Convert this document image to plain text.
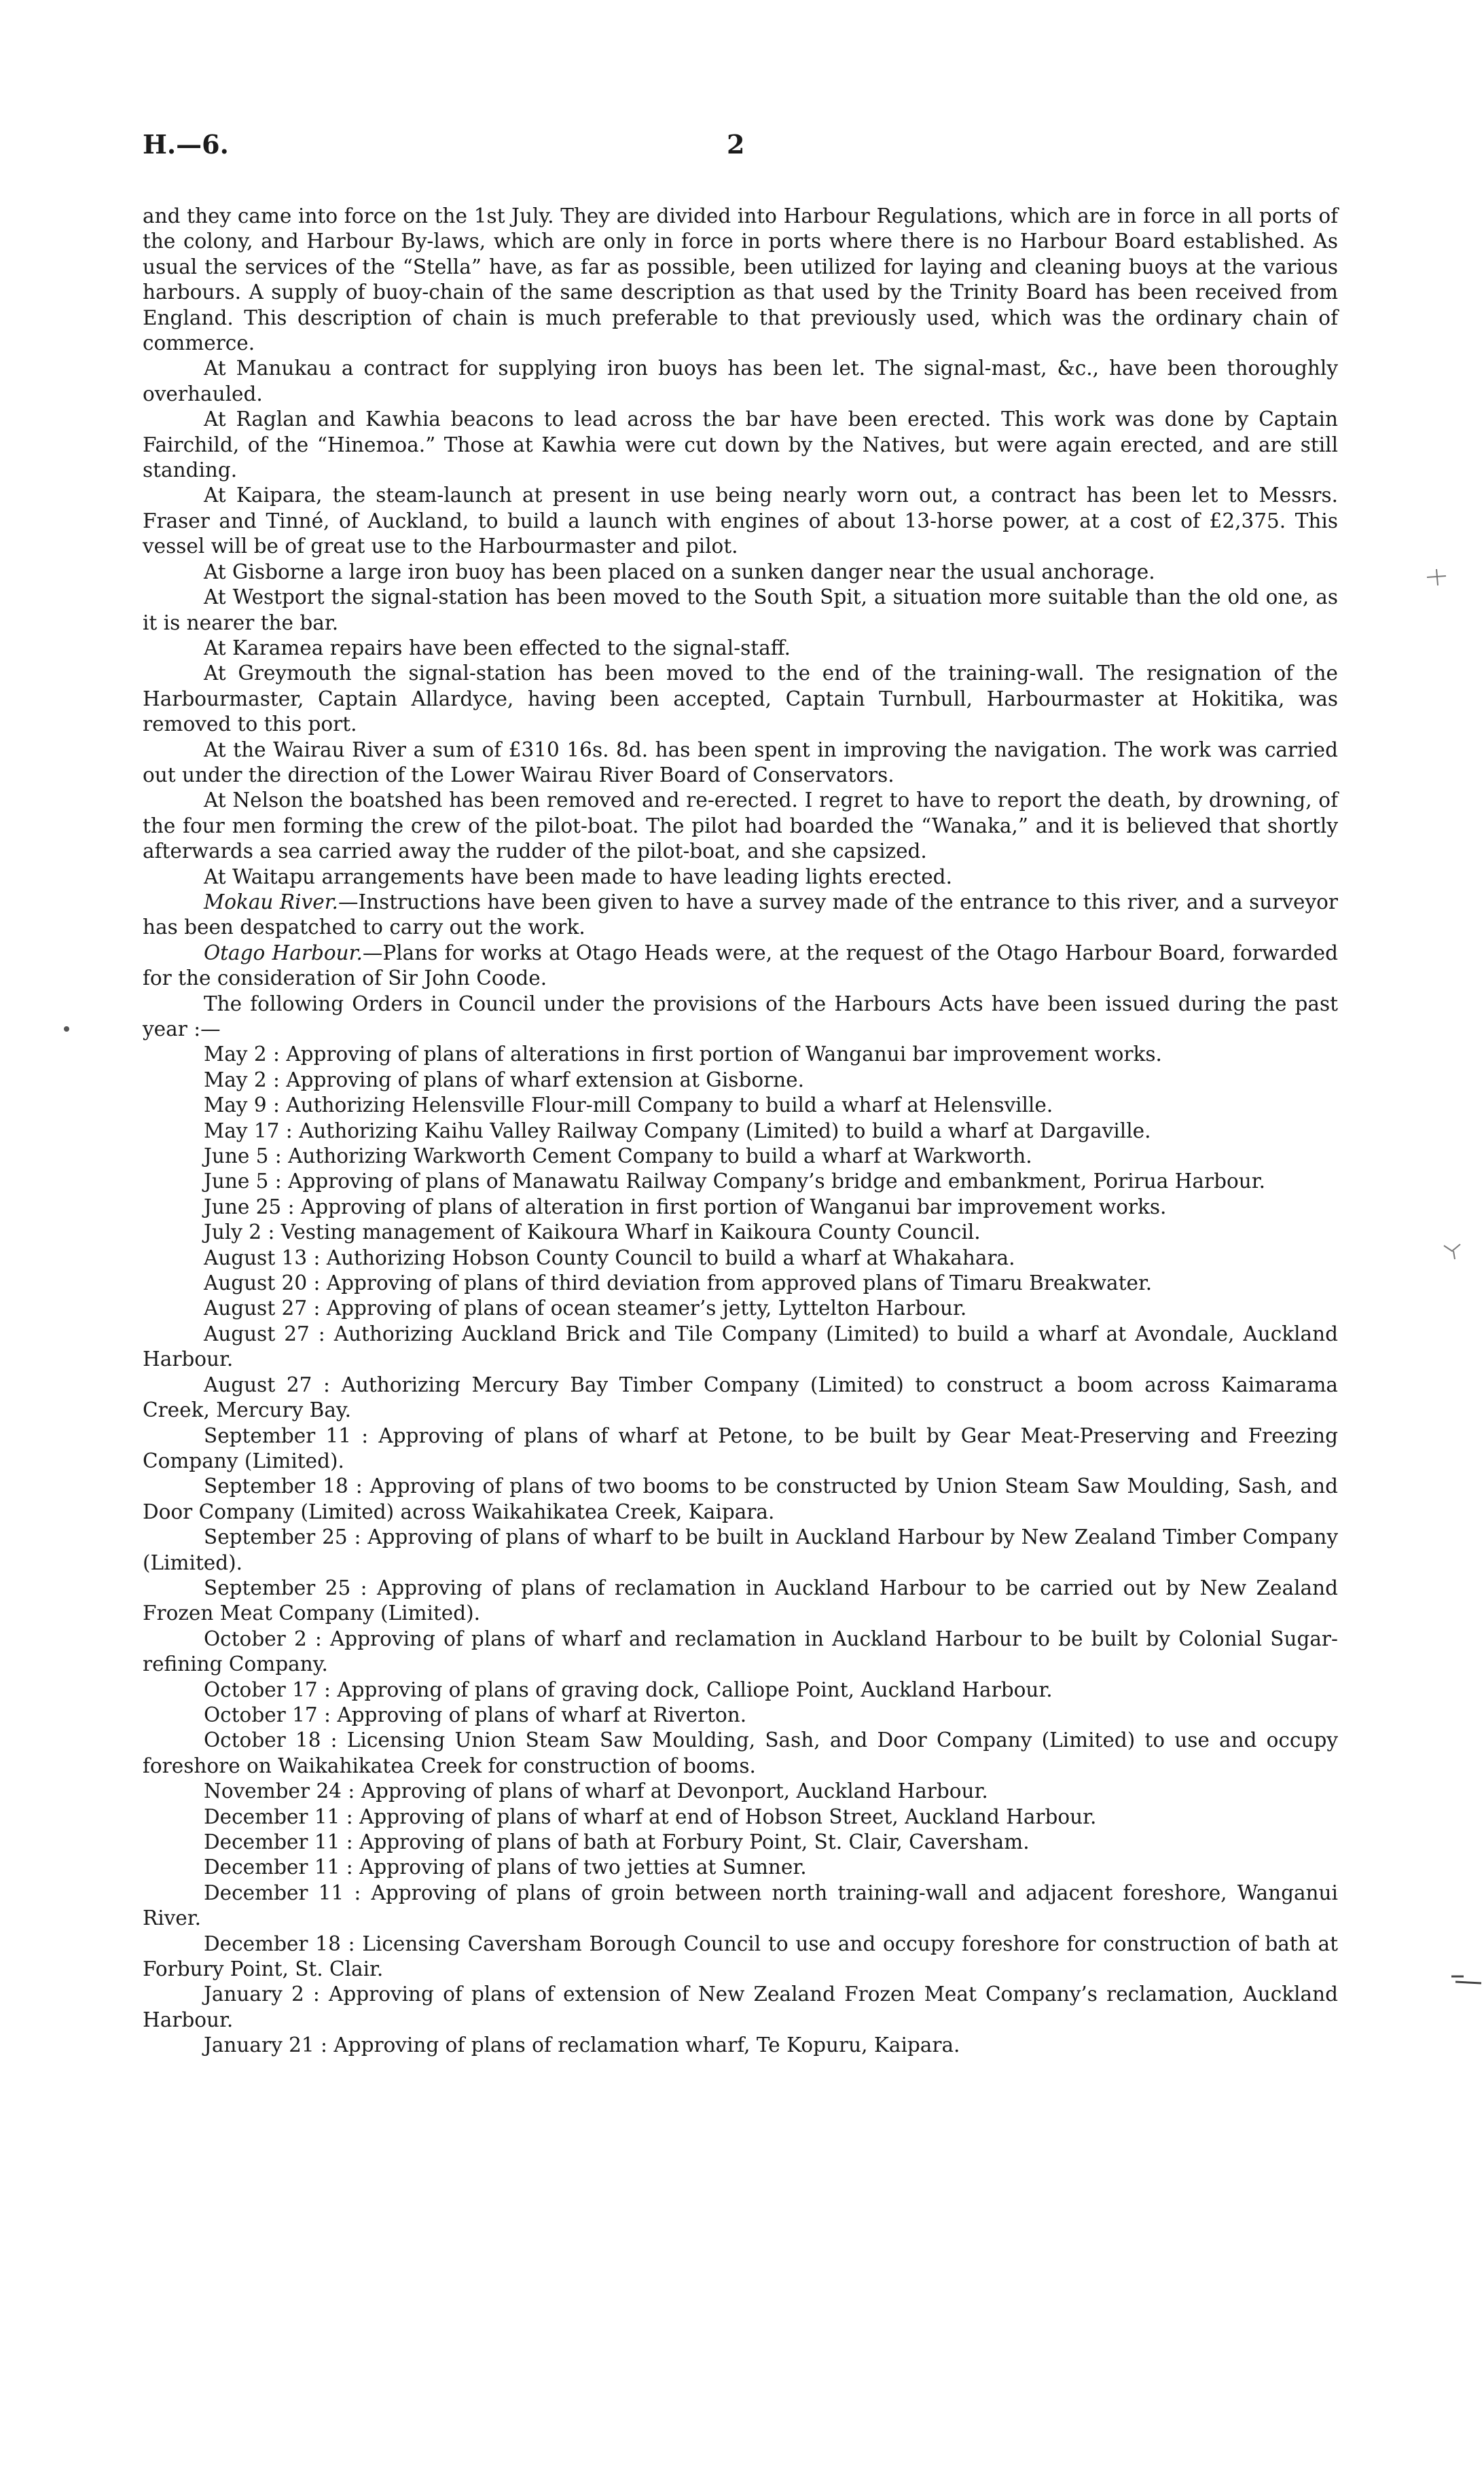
H.—6.	2

and they came into force on the 1st July. They are divided into Harbour Regulations, which are in force in all ports of the colony, and Harbour By-laws, which are only in force in ports where there is no Harbour Board established. As usual the services of the “Stella” have, as far as possible, been utilized for laying and cleaning buoys at the various harbours. A supply of buoy-chain of the same description as that used by the Trinity Board has been received from England. This description of chain is much preferable to that previously used, which was the ordinary chain of commerce.

At Manukau a contract for supplying iron buoys has been let. The signal-mast, &c., have been thoroughly overhauled.

At Raglan and Kawhia beacons to lead across the bar have been erected. This work was done by Captain Fairchild, of the “Hinemoa.” Those at Kawhia were cut down by the Natives, but were again erected, and are still standing.

At Kaipara, the steam-launch at present in use being nearly worn out, a contract has been let to Messrs. Fraser and Tinné, of Auckland, to build a launch with engines of about 13-horse power, at a cost of £2,375. This vessel will be of great use to the Harbourmaster and pilot.

At Gisborne a large iron buoy has been placed on a sunken danger near the usual anchorage.

At Westport the signal-station has been moved to the South Spit, a situation more suitable than the old one, as it is nearer the bar.

At Karamea repairs have been effected to the signal-staff.

At Greymouth the signal-station has been moved to the end of the training-wall. The resignation of the Harbourmaster, Captain Allardyce, having been accepted, Captain Turnbull, Harbourmaster at Hokitika, was removed to this port.

At the Wairau River a sum of £310 16s. 8d. has been spent in improving the navigation. The work was carried out under the direction of the Lower Wairau River Board of Conservators.

At Nelson the boatshed has been removed and re-erected. I regret to have to report the death, by drowning, of the four men forming the crew of the pilot-boat. The pilot had boarded the “Wanaka,” and it is believed that shortly afterwards a sea carried away the rudder of the pilot-boat, and she capsized.

At Waitapu arrangements have been made to have leading lights erected.

Mokau River.—Instructions have been given to have a survey made of the entrance to this river, and a surveyor has been despatched to carry out the work.

Otago Harbour.—Plans for works at Otago Heads were, at the request of the Otago Harbour Board, forwarded for the consideration of Sir John Coode.

The following Orders in Council under the provisions of the Harbours Acts have been issued during the past year :—

May 2 : Approving of plans of alterations in first portion of Wanganui bar improvement works.

May 2 : Approving of plans of wharf extension at Gisborne.

May 9 : Authorizing Helensville Flour-mill Company to build a wharf at Helensville.

May 17 : Authorizing Kaihu Valley Railway Company (Limited) to build a wharf at Dargaville.

June 5 : Authorizing Warkworth Cement Company to build a wharf at Warkworth.

June 5 : Approving of plans of Manawatu Railway Company’s bridge and embankment, Porirua Harbour.

June 25 : Approving of plans of alteration in first portion of Wanganui bar improvement works.

July 2 : Vesting management of Kaikoura Wharf in Kaikoura County Council.

August 13 : Authorizing Hobson County Council to build a wharf at Whakahara.

August 20 : Approving of plans of third deviation from approved plans of Timaru Breakwater.

August 27 : Approving of plans of ocean steamer’s jetty, Lyttelton Harbour.

August 27 : Authorizing Auckland Brick and Tile Company (Limited) to build a wharf at Avondale, Auckland Harbour.

August 27 : Authorizing Mercury Bay Timber Company (Limited) to construct a boom across Kaimarama Creek, Mercury Bay.

September 11 : Approving of plans of wharf at Petone, to be built by Gear Meat-Preserving and Freezing Company (Limited).

September 18 : Approving of plans of two booms to be constructed by Union Steam Saw Moulding, Sash, and Door Company (Limited) across Waikahikatea Creek, Kaipara.

September 25 : Approving of plans of wharf to be built in Auckland Harbour by New Zealand Timber Company (Limited).

September 25 : Approving of plans of reclamation in Auckland Harbour to be carried out by New Zealand Frozen Meat Company (Limited).

October 2 : Approving of plans of wharf and reclamation in Auckland Harbour to be built by Colonial Sugar-refining Company.

October 17 : Approving of plans of graving dock, Calliope Point, Auckland Harbour.

October 17 : Approving of plans of wharf at Riverton.

October 18 : Licensing Union Steam Saw Moulding, Sash, and Door Company (Limited) to use and occupy foreshore on Waikahikatea Creek for construction of booms.

November 24 : Approving of plans of wharf at Devonport, Auckland Harbour.

December 11 : Approving of plans of wharf at end of Hobson Street, Auckland Harbour.

December 11 : Approving of plans of bath at Forbury Point, St. Clair, Caversham.

December 11 : Approving of plans of two jetties at Sumner.

December 11 : Approving of plans of groin between north training-wall and adjacent foreshore, Wanganui River.

December 18 : Licensing Caversham Borough Council to use and occupy foreshore for construction of bath at Forbury Point, St. Clair.

January 2 : Approving of plans of extension of New Zealand Frozen Meat Company’s reclamation, Auckland Harbour.

January 21 : Approving of plans of reclamation wharf, Te Kopuru, Kaipara.
